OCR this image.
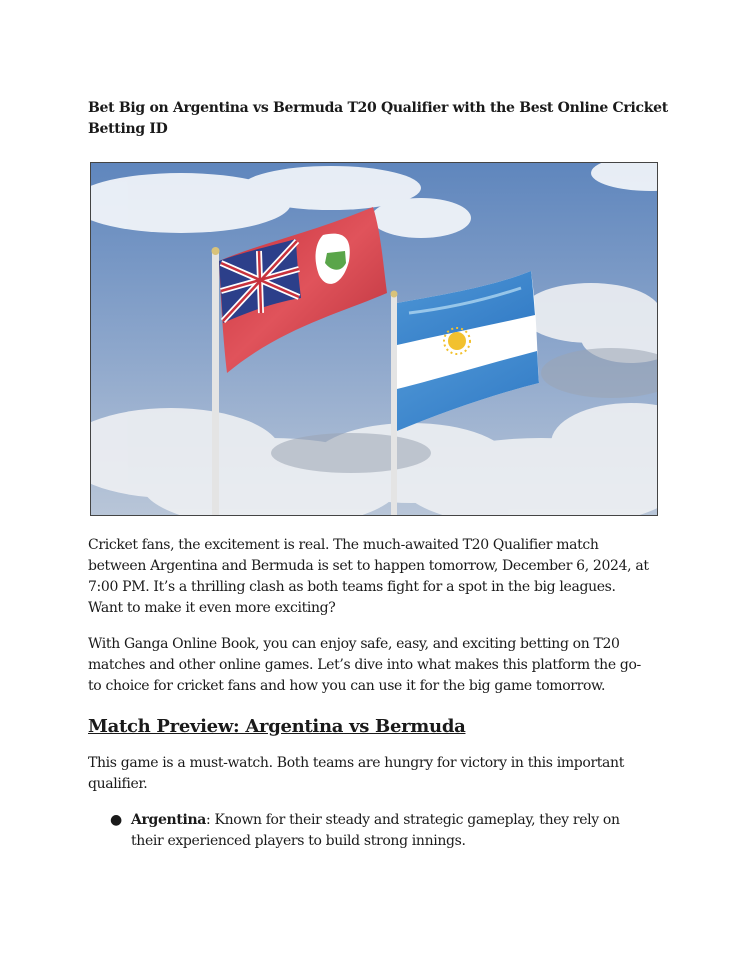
Bet Big on Argentina vs Bermuda T20 Qualifier with the Best Online Cricket Betting ID

Cricket fans, the excitement is real. The much-awaited T20 Qualifier match between Argentina and Bermuda is set to happen tomorrow, December 6, 2024, at 7:00 PM. It’s a thrilling clash as both teams fight for a spot in the big leagues. Want to make it even more exciting?

With Ganga Online Book, you can enjoy safe, easy, and exciting betting on T20 matches and other online games. Let’s dive into what makes this platform the go-to choice for cricket fans and how you can use it for the big game tomorrow.

Match Preview: Argentina vs Bermuda

This game is a must-watch. Both teams are hungry for victory in this important qualifier.

● Argentina: Known for their steady and strategic gameplay, they rely on their experienced players to build strong innings.
